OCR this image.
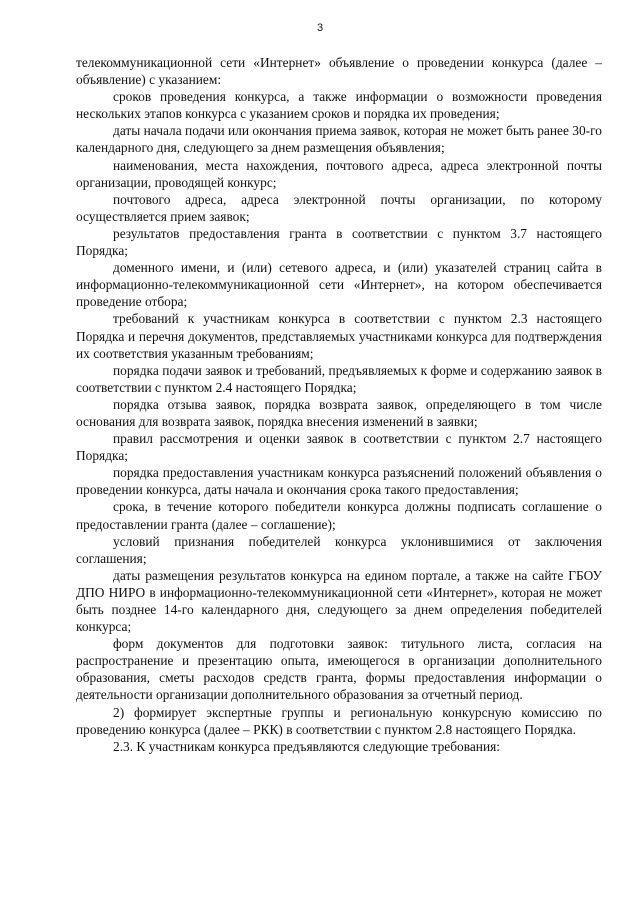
3

телекоммуникационной сети «Интернет» объявление о проведении конкурса (далее – объявление) с указанием:

сроков проведения конкурса, а также информации о возможности проведения нескольких этапов конкурса с указанием сроков и порядка их проведения;

даты начала подачи или окончания приема заявок, которая не может быть ранее 30-го календарного дня, следующего за днем размещения объявления;

наименования, места нахождения, почтового адреса, адреса электронной почты организации, проводящей конкурс;

почтового адреса, адреса электронной почты организации, по которому осуществляется прием заявок;

результатов предоставления гранта в соответствии с пунктом 3.7 настоящего Порядка;

доменного имени, и (или) сетевого адреса, и (или) указателей страниц сайта в информационно-телекоммуникационной сети «Интернет», на котором обеспечивается проведение отбора;

требований к участникам конкурса в соответствии с пунктом 2.3 настоящего Порядка и перечня документов, представляемых участниками конкурса для подтверждения их соответствия указанным требованиям;

порядка подачи заявок и требований, предъявляемых к форме и содержанию заявок в соответствии с пунктом 2.4 настоящего Порядка;

порядка отзыва заявок, порядка возврата заявок, определяющего в том числе основания для возврата заявок, порядка внесения изменений в заявки;

правил рассмотрения и оценки заявок в соответствии с пунктом 2.7 настоящего Порядка;

порядка предоставления участникам конкурса разъяснений положений объявления о проведении конкурса, даты начала и окончания срока такого предоставления;

срока, в течение которого победители конкурса должны подписать соглашение о предоставлении гранта (далее – соглашение);

условий признания победителей конкурса уклонившимися от заключения соглашения;

даты размещения результатов конкурса на едином портале, а также на сайте ГБОУ ДПО НИРО в информационно-телекоммуникационной сети «Интернет», которая не может быть позднее 14-го календарного дня, следующего за днем определения победителей конкурса;

форм документов для подготовки заявок: титульного листа, согласия на распространение и презентацию опыта, имеющегося в организации дополнительного образования, сметы расходов средств гранта, формы предоставления информации о деятельности организации дополнительного образования за отчетный период.

2) формирует экспертные группы и региональную конкурсную комиссию по проведению конкурса (далее – РКК) в соответствии с пунктом 2.8 настоящего Порядка.

2.3. К участникам конкурса предъявляются следующие требования:
